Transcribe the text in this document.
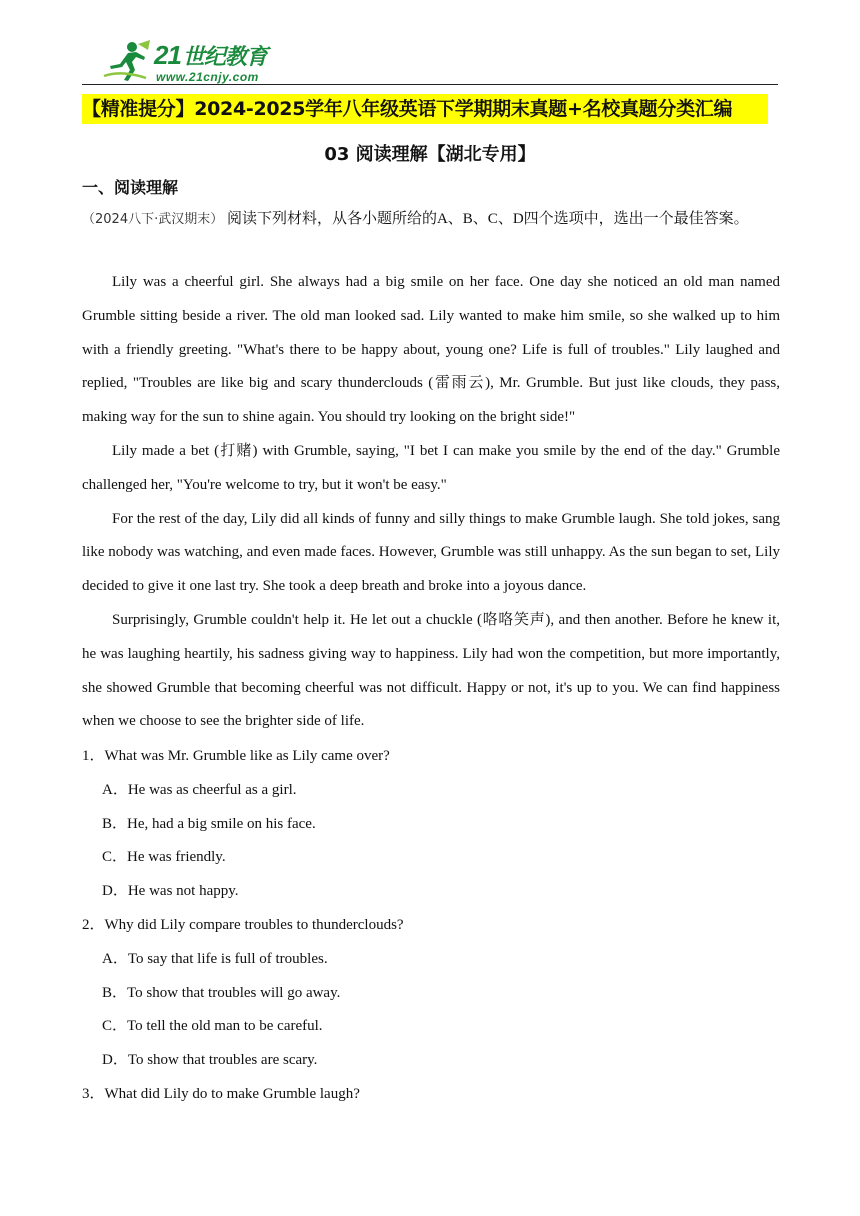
21世纪教育
www.21cnjy.com
【精准提分】2024-2025学年八年级英语下学期期末真题+名校真题分类汇编
03 阅读理解【湖北专用】
一、阅读理解
（2024八下·武汉期末） 阅读下列材料，从各小题所给的A、B、C、D四个选项中，选出一个最佳答案。

Lily was a cheerful girl. She always had a big smile on her face. One day she noticed an old man named Grumble sitting beside a river. The old man looked sad. Lily wanted to make him smile, so she walked up to him with a friendly greeting. "What's there to be happy about, young one? Life is full of troubles." Lily laughed and replied, "Troubles are like big and scary thunderclouds (雷雨云), Mr. Grumble. But just like clouds, they pass, making way for the sun to shine again. You should try looking on the bright side!"

Lily made a bet (打赌) with Grumble, saying, "I bet I can make you smile by the end of the day." Grumble challenged her, "You're welcome to try, but it won't be easy."

For the rest of the day, Lily did all kinds of funny and silly things to make Grumble laugh. She told jokes, sang like nobody was watching, and even made faces. However, Grumble was still unhappy. As the sun began to set, Lily decided to give it one last try. She took a deep breath and broke into a joyous dance.

Surprisingly, Grumble couldn't help it. He let out a chuckle (咯咯笑声), and then another. Before he knew it, he was laughing heartily, his sadness giving way to happiness. Lily had won the competition, but more importantly, she showed Grumble that becoming cheerful was not difficult. Happy or not, it's up to you. We can find happiness when we choose to see the brighter side of life.

1．What was Mr. Grumble like as Lily came over?

A．He was as cheerful as a girl.

B．He, had a big smile on his face.

C．He was friendly.

D．He was not happy.

2．Why did Lily compare troubles to thunderclouds?

A．To say that life is full of troubles.

B．To show that troubles will go away.

C．To tell the old man to be careful.

D．To show that troubles are scary.

3．What did Lily do to make Grumble laugh?
